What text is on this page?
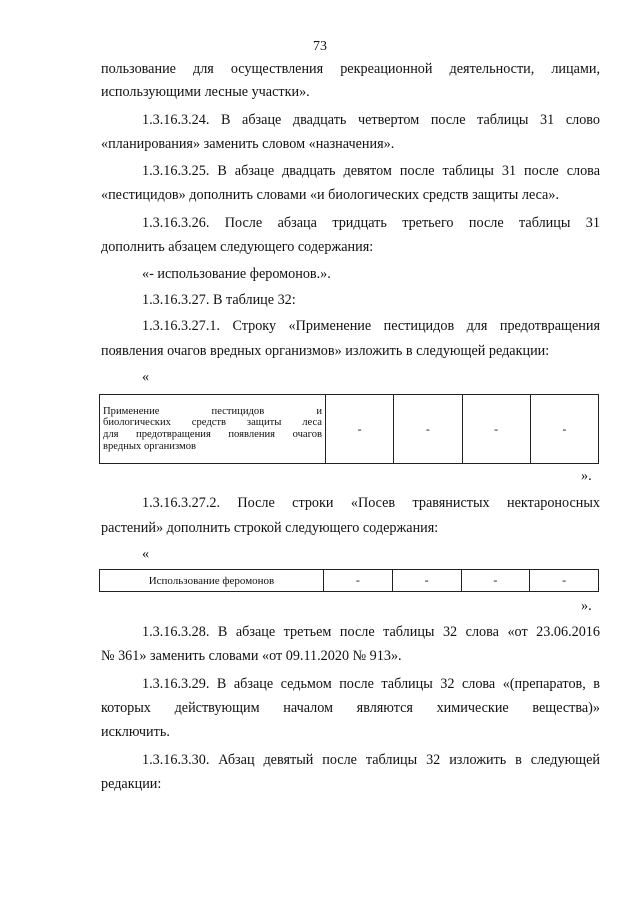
73
пользование для осуществления рекреационной деятельности, лицами,
использующими лесные участки».
1.3.16.3.24. В абзаце двадцать четвертом после таблицы 31 слово
«планирования» заменить словом «назначения».
1.3.16.3.25. В абзаце двадцать девятом после таблицы 31 после слова
«пестицидов» дополнить словами «и биологических средств защиты леса».
1.3.16.3.26. После абзаца тридцать третьего после таблицы 31
дополнить абзацем следующего содержания:
«- использование феромонов.».
1.3.16.3.27. В таблице 32:
1.3.16.3.27.1. Строку «Применение пестицидов для предотвращения
появления очагов вредных организмов» изложить в следующей редакции:
«
Применение пестицидов и
биологических средств защиты леса
для предотвращения появления очагов
вредных организмов
	-	-	-	-
».
1.3.16.3.27.2. После строки «Посев травянистых нектароносных
растений» дополнить строкой следующего содержания:
«
Использование феромонов	-	-	-	-
».
1.3.16.3.28. В абзаце третьем после таблицы 32 слова «от 23.06.2016
№ 361» заменить словами «от 09.11.2020 № 913».
1.3.16.3.29. В абзаце седьмом после таблицы 32 слова «(препаратов, в
которых действующим началом являются химические вещества)»
исключить.
1.3.16.3.30. Абзац девятый после таблицы 32 изложить в следующей
редакции:
